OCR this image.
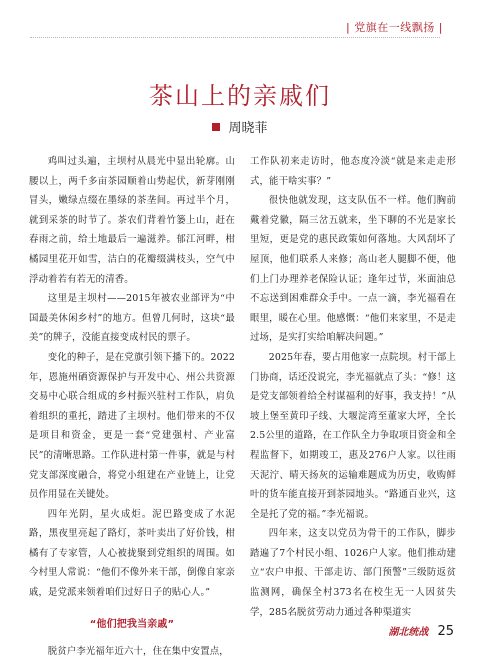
| 党旗在一线飘扬 |
茶山上的亲戚们
周晓菲

鸡叫过头遍，主坝村从晨光中显出轮廓。山腰以上，两千多亩茶园顺着山势起伏，新芽刚刚冒头，嫩绿点缀在墨绿的茶垄间。再过半个月，就到采茶的时节了。茶农们背着竹篓上山，赶在春雨之前，给土地最后一遍滋养。郁江河畔，柑橘园里花开如雪，洁白的花瓣缀满枝头，空气中浮动着若有若无的清香。

这里是主坝村——2015年被农业部评为“中国最美休闲乡村”的地方。但曾几何时，这块“最美”的牌子，没能直接变成村民的票子。

变化的种子，是在党旗引领下播下的。2022年，恩施州硒资源保护与开发中心、州公共资源交易中心联合组成的乡村振兴驻村工作队，肩负着组织的重托，踏进了主坝村。他们带来的不仅是项目和资金，更是一套“党建强村、产业富民”的清晰思路。工作队进村第一件事，就是与村党支部深度融合，将党小组建在产业链上，让党员作用显在关键处。

四年光阴，星火成炬。泥巴路变成了水泥路，黑夜里亮起了路灯，茶叶卖出了好价钱，柑橘有了专家管，人心被拢聚到党组织的周围。如今村里人常说：“他们不像外来干部，倒像自家亲戚，是党派来领着咱们过好日子的贴心人。”

“他们把我当亲戚”

脱贫户李光福年近六十，住在集中安置点，

工作队初来走访时，他态度冷淡“就是来走走形式，能干啥实事？”

很快他就发现，这支队伍不一样。他们胸前戴着党徽，隔三岔五就来，坐下聊的不光是家长里短，更是党的惠民政策如何落地。大风刮坏了屋顶，他们联系人来修；高山老人腿脚不便，他们上门办理养老保险认证；逢年过节，米面油总不忘送到困难群众手中。一点一滴，李光福看在眼里，暖在心里。他感慨：“他们来家里，不是走过场，是实打实给咱解决问题。”

2025年春，要占用他家一点院坝。村干部上门协商，话还没说完，李光福就点了头：“修！这是党支部领着给全村谋福利的好事，我支持！”从坡上堡至黄印子线、大堰淀湾至董家大坪，全长2.5公里的道路，在工作队全力争取项目资金和全程监督下，如期竣工，惠及276户人家。以往雨天泥泞、晴天扬灰的运输难题成为历史，收购鲜叶的货车能直接开到茶园地头。“路通百业兴，这全是托了党的福。”李光福说。

四年来，这支以党员为骨干的工作队，脚步踏遍了7个村民小组、1026户人家。他们推动建立“农户申报、干部走访、部门预警”三级防返贫监测网，确保全村373名在校生无一人因贫失学，285名脱贫劳动力通过各种渠道实

湖北统战 25
